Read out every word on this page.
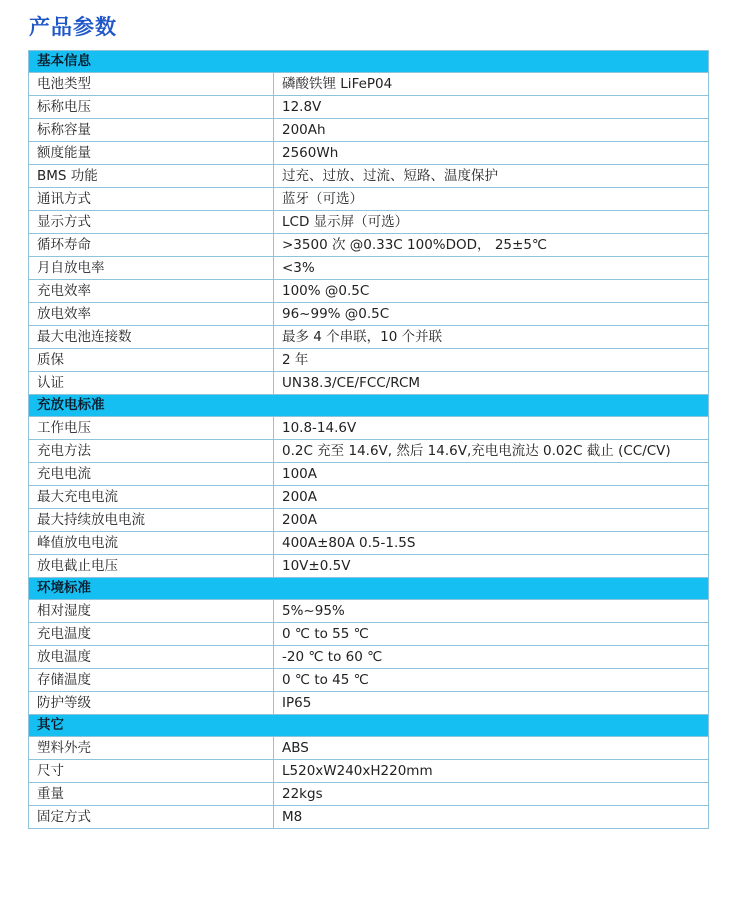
产品参数
基本信息	
电池类型	磷酸铁锂 LiFeP04
标称电压	12.8V
标称容量	200Ah
额度能量	2560Wh
BMS 功能	过充、过放、过流、短路、温度保护
通讯方式	蓝牙（可选）
显示方式	LCD 显示屏（可选）
循环寿命	>3500 次 @0.33C 100%DOD， 25±5℃
月自放电率	<3%
充电效率	100% @0.5C
放电效率	96~99% @0.5C
最大电池连接数	最多 4 个串联，10 个并联
质保	2 年
认证	UN38.3/CE/FCC/RCM
充放电标准	
工作电压	10.8-14.6V
充电方法	0.2C 充至 14.6V, 然后 14.6V,充电电流达 0.02C 截止 (CC/CV)
充电电流	100A
最大充电电流	200A
最大持续放电电流	200A
峰值放电电流	400A±80A 0.5-1.5S
放电截止电压	10V±0.5V
环境标准	
相对湿度	5%~95%
充电温度	0 ℃ to 55 ℃
放电温度	-20 ℃ to 60 ℃
存储温度	0 ℃ to 45 ℃
防护等级	IP65
其它	
塑料外壳	ABS
尺寸	L520xW240xH220mm
重量	22kgs
固定方式	M8
